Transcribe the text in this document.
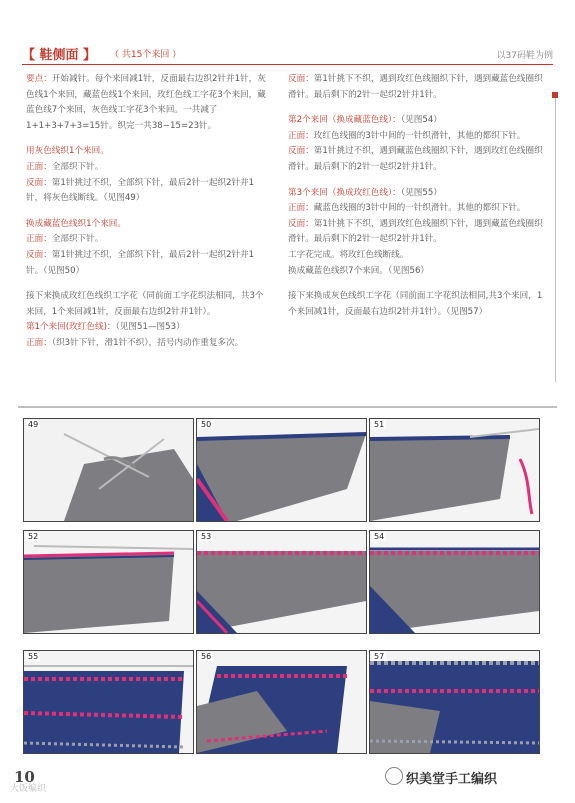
【 鞋侧面 】 （ 共15个来回 ）	以37码鞋为例

要点：开始减针。每个来回减1针，反面最右边织2针并1针，灰色线1个来回，藏蓝色线1个来回，玫红色线工字花3个来回，藏蓝色线7个来回，灰色线工字花3个来回。一共减了1+1+3+7+3=15针。织完一共38−15=23针。

用灰色线织1个来回。

正面：全部织下针。

反面：第1针挑过不织，全部织下针，最后2针一起织2针并1针，将灰色线断线。（见图49）

换成藏蓝色线织1个来回。

正面：全部织下针。

反面：第1针挑过不织，全部织下针，最后2针一起织2针并1针。（见图50）

接下来换成玫红色线织工字花（同前面工字花织法相同，共3个来回，1个来回减1针，反面最右边织2针并1针）。

第1个来回(玫红色线)：（见图51—图53）

正面：（织3针下针，滑1针不织），括号内动作重复多次。

反面：第1针挑下不织，遇到玫红色线圈织下针，遇到藏蓝色线圈织滑针。最后剩下的2针一起织2针并1针。

第2个来回（换成藏蓝色线）：（见图54）

正面：玫红色线圈的3针中间的一针织滑针，其他的都织下针。

反面：第1针挑过不织，遇到藏蓝色线圈织下针，遇到玫红色线圈织滑针。最后剩下的2针一起织2针并1针。

第3个来回（换成玫红色线）：（见图55）

正面：藏蓝色线圈的3针中间的一针织滑针。其他的都织下针。

反面：第1针挑下不织，遇到玫红色线圈织下针，遇到藏蓝色线圈织滑针。最后剩下的2针一起织2针并1针。

工字花完成。将玫红色线断线。

换成藏蓝色线织7个来回。（见图56）

接下来换成灰色线织工字花（同前面工字花织法相同,共3个来回，1个来回减1针，反面最右边织2针并1针）。（见图57）

49	50	51
52	53	54
55	56	57
10
大饭编织
织美堂手工编织
